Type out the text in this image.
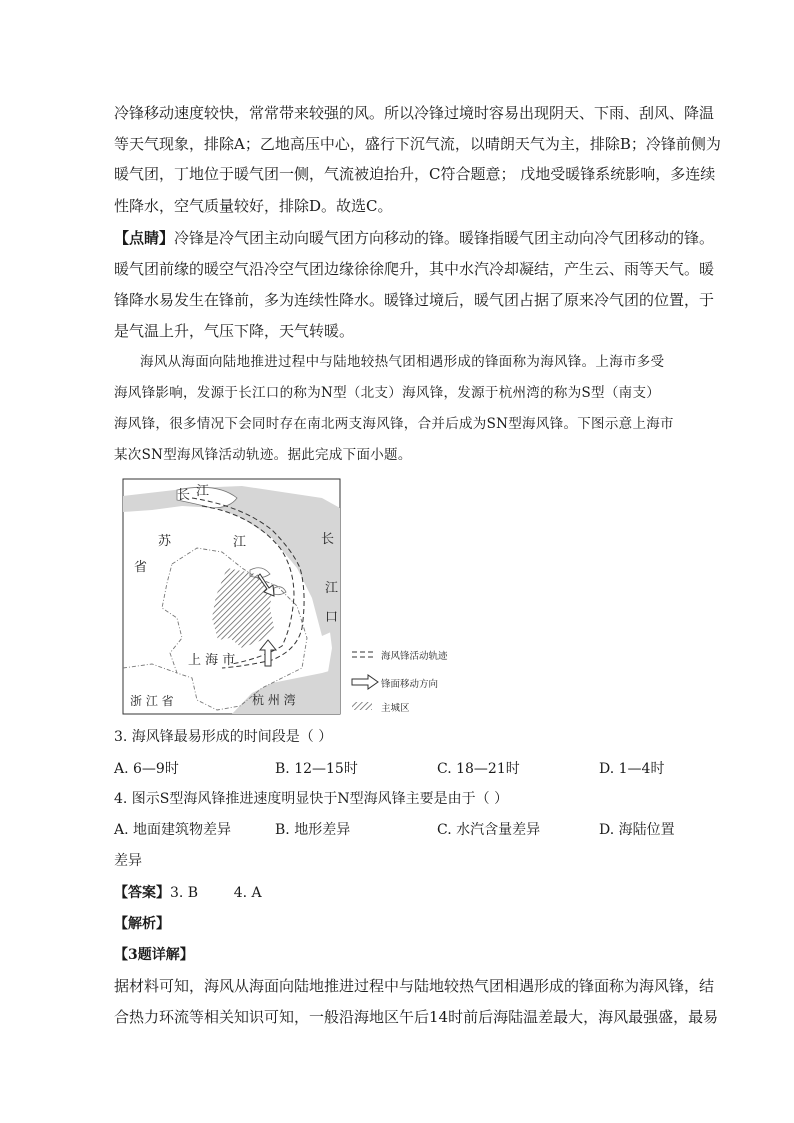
冷锋移动速度较快，常常带来较强的风。所以冷锋过境时容易出现阴天、下雨、刮风、降温
等天气现象，排除A；乙地高压中心，盛行下沉气流，以晴朗天气为主，排除B；冷锋前侧为
暖气团，丁地位于暖气团一侧，气流被迫抬升，C符合题意； 戊地受暖锋系统影响，多连续
性降水，空气质量较好，排除D。故选C。
【点睛】冷锋是冷气团主动向暖气团方向移动的锋。暖锋指暖气团主动向冷气团移动的锋。
暖气团前缘的暖空气沿冷空气团边缘徐徐爬升，其中水汽冷却凝结，产生云、雨等天气。暖
锋降水易发生在锋前，多为连续性降水。暖锋过境后，暖气团占据了原来冷气团的位置，于
是气温上升，气压下降，天气转暖。
海风从海面向陆地推进过程中与陆地较热气团相遇形成的锋面称为海风锋。上海市多受
海风锋影响，发源于长江口的称为N型（北支）海风锋，发源于杭州湾的称为S型（南支）
海风锋，很多情况下会同时存在南北两支海风锋，合并后成为SN型海风锋。下图示意上海市
某次SN型海风锋活动轨迹。据此完成下面小题。
长 江
苏
省
江	长
江
口
上 海 市
浙 江 省	杭 州 湾
海风锋活动轨迹
锋面移动方向
主城区
3. 海风锋最易形成的时间段是（ ）
A. 6—9时	B. 12—15时	C. 18—21时	D. 1—4时
4. 图示S型海风锋推进速度明显快于N型海风锋主要是由于（ ）
A. 地面建筑物差异	B. 地形差异	C. 水汽含量差异	D. 海陆位置
差异
【答案】3. B        4. A
【解析】
【3题详解】
据材料可知，海风从海面向陆地推进过程中与陆地较热气团相遇形成的锋面称为海风锋，结
合热力环流等相关知识可知，一般沿海地区午后14时前后海陆温差最大，海风最强盛，最易
